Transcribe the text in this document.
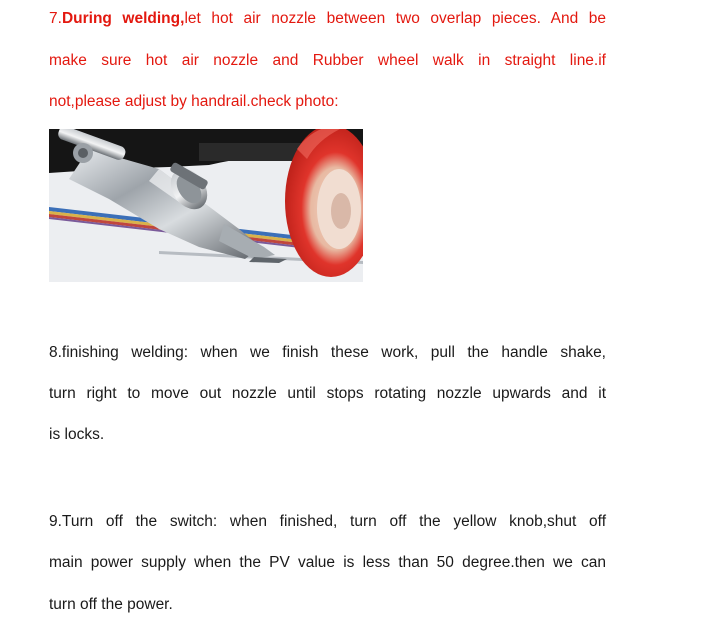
7.During welding,let hot air nozzle between two overlap pieces. And be
make sure hot air nozzle and Rubber wheel walk in straight line.if
not,please adjust by handrail.check photo:
8.finishing welding: when we finish these work, pull the handle shake,
turn right to move out nozzle until stops rotating nozzle upwards and it
is locks.
9.Turn off the switch: when finished, turn off the yellow knob,shut off
main power supply when the PV value is less than 50 degree.then we can
turn off the power.
